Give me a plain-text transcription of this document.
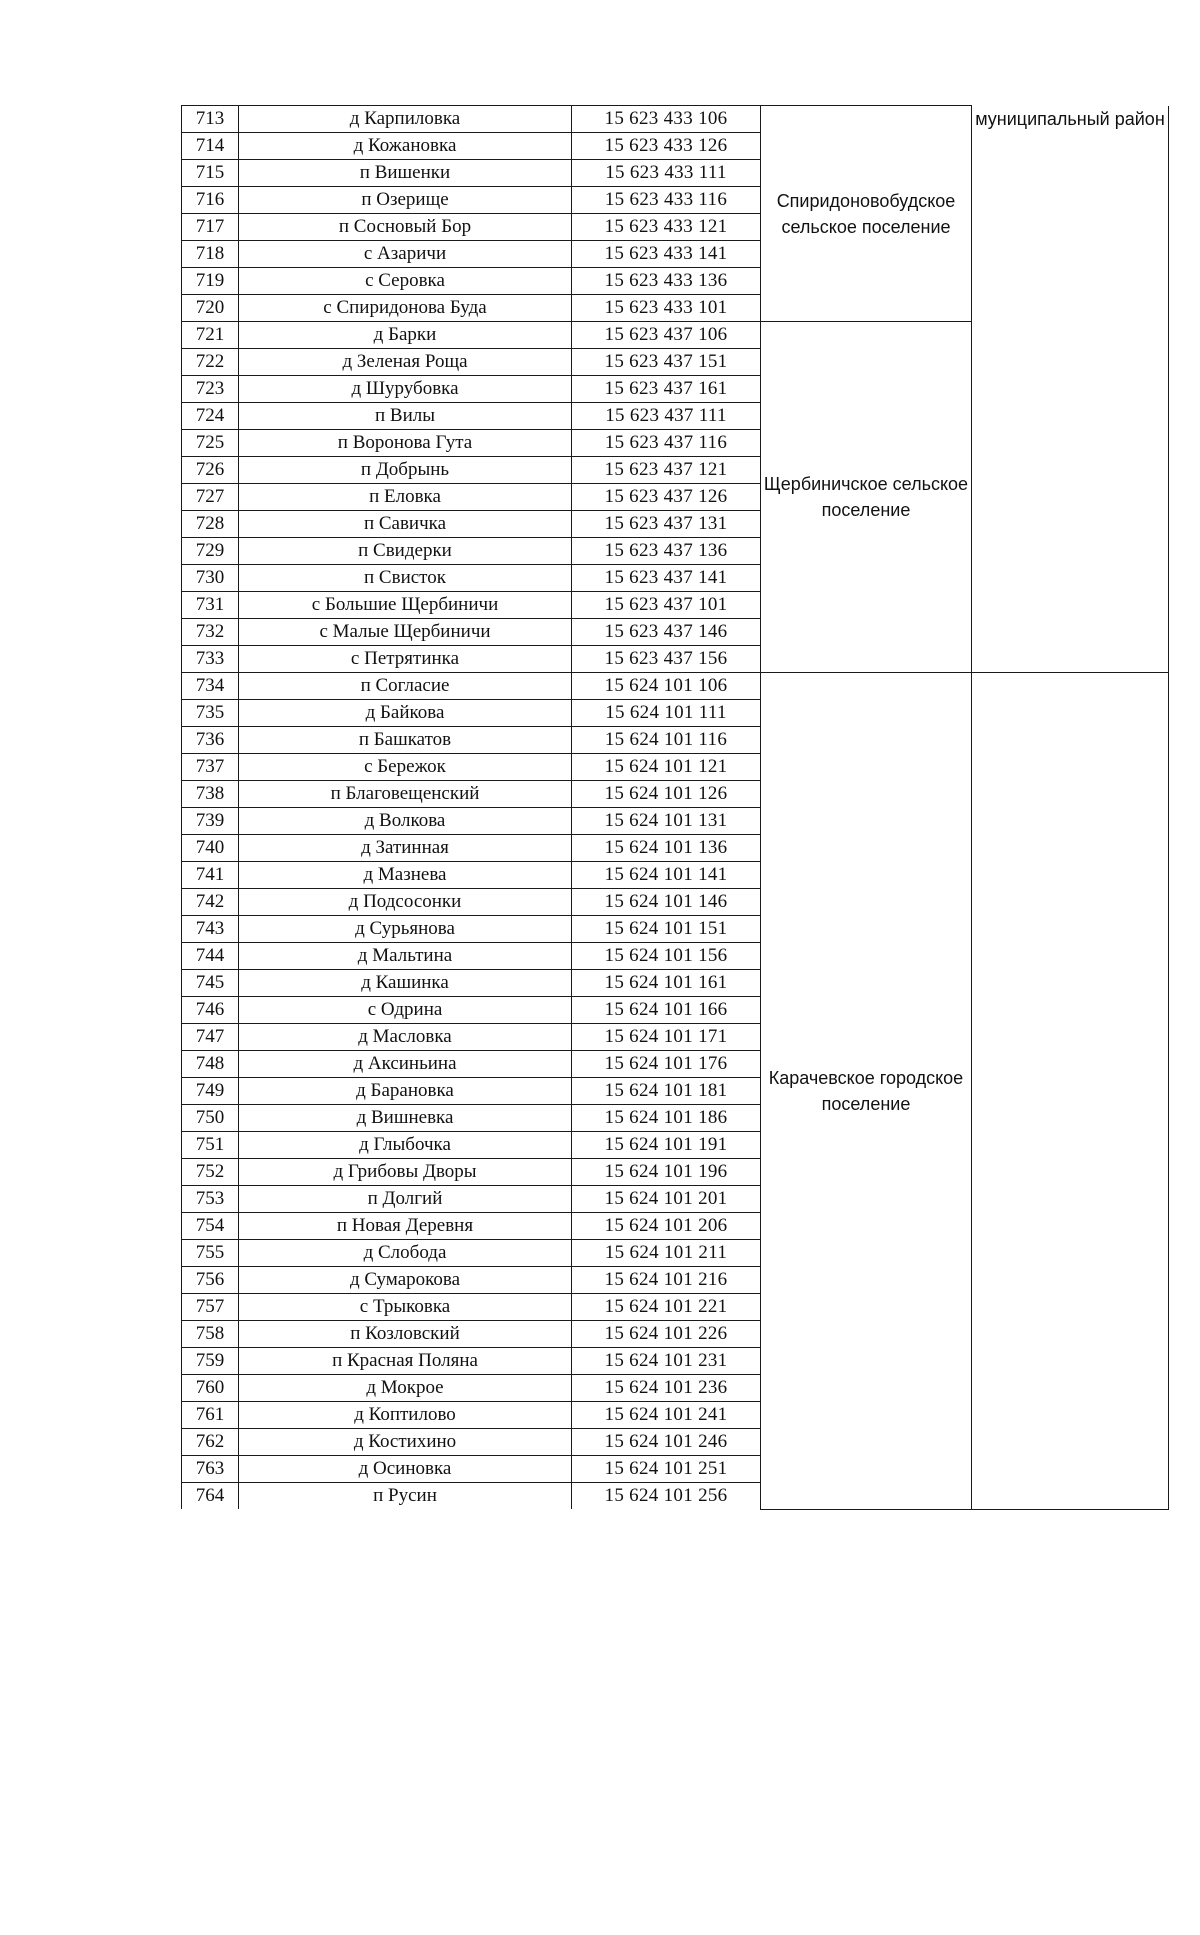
713	д Карпиловка	15 623 433 106	Спиридоновобудское сельское поселение	муниципальный район
714	д Кожановка	15 623 433 126		
715	п Вишенки	15 623 433 111		
716	п Озерище	15 623 433 116		
717	п Сосновый Бор	15 623 433 121		
718	с Азаричи	15 623 433 141		
719	с Серовка	15 623 433 136		
720	с Спиридонова Буда	15 623 433 101		
721	д Барки	15 623 437 106	Щербиничское сельское поселение	
722	д Зеленая Роща	15 623 437 151		
723	д Шурубовка	15 623 437 161		
724	п Вилы	15 623 437 111		
725	п Воронова Гута	15 623 437 116		
726	п Добрынь	15 623 437 121		
727	п Еловка	15 623 437 126		
728	п Савичка	15 623 437 131		
729	п Свидерки	15 623 437 136		
730	п Свисток	15 623 437 141		
731	с Большие Щербиничи	15 623 437 101		
732	с Малые Щербиничи	15 623 437 146		
733	с Петрятинка	15 623 437 156		
734	п Согласие	15 624 101 106	Карачевское городское поселение	
735	д Байкова	15 624 101 111		
736	п Башкатов	15 624 101 116		
737	с Бережок	15 624 101 121		
738	п Благовещенский	15 624 101 126		
739	д Волкова	15 624 101 131		
740	д Затинная	15 624 101 136		
741	д Мазнева	15 624 101 141		
742	д Подсосонки	15 624 101 146		
743	д Сурьянова	15 624 101 151		
744	д Мальтина	15 624 101 156		
745	д Кашинка	15 624 101 161		
746	с Одрина	15 624 101 166		
747	д Масловка	15 624 101 171		
748	д Аксиньина	15 624 101 176		
749	д Барановка	15 624 101 181		
750	д Вишневка	15 624 101 186		
751	д Глыбочка	15 624 101 191		
752	д Грибовы Дворы	15 624 101 196		
753	п Долгий	15 624 101 201		
754	п Новая Деревня	15 624 101 206		
755	д Слобода	15 624 101 211		
756	д Сумарокова	15 624 101 216		
757	с Трыковка	15 624 101 221		
758	п Козловский	15 624 101 226		
759	п Красная Поляна	15 624 101 231		
760	д Мокрое	15 624 101 236		
761	д Коптилово	15 624 101 241		
762	д Костихино	15 624 101 246		
763	д Осиновка	15 624 101 251		
764	п Русин	15 624 101 256		
